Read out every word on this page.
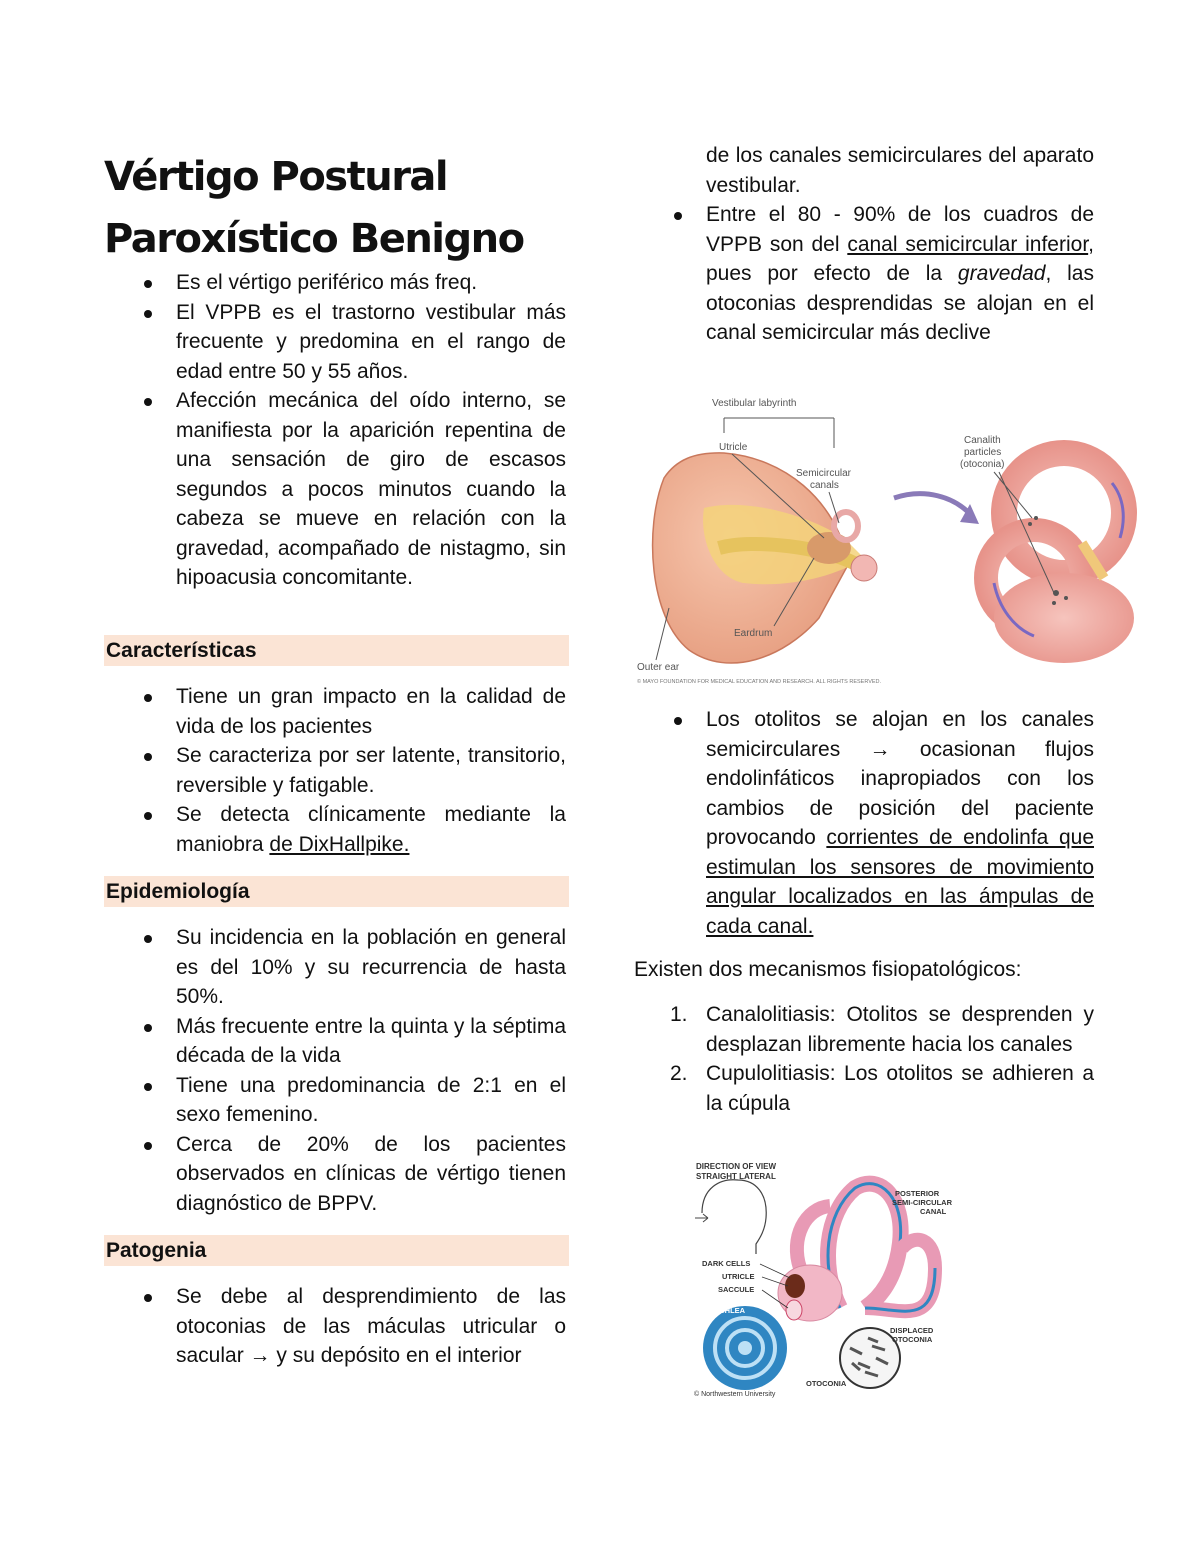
Vértigo Postural
Paroxístico Benigno
Es el vértigo periférico más freq.
El VPPB es el trastorno vestibular más frecuente y predomina en el rango de edad entre 50 y 55 años.
Afección mecánica del oído interno, se manifiesta por la aparición repentina de una sensación de giro de escasos segundos a pocos minutos cuando la cabeza se mueve en relación con la gravedad, acompañado de nistagmo, sin hipoacusia concomitante.
Características
Tiene un gran impacto en la calidad de vida de los pacientes
Se caracteriza por ser latente, transitorio, reversible y fatigable.
Se detecta clínicamente mediante la maniobra de DixHallpike.
Epidemiología
Su incidencia en la población en general es del 10% y su recurrencia de hasta 50%.
Más frecuente entre la quinta y la séptima década de la vida
Tiene una predominancia de 2:1 en el sexo femenino.
Cerca de 20% de los pacientes observados en clínicas de vértigo tienen diagnóstico de BPPV.
Patogenia
Se debe al desprendimiento de las otoconias de las máculas utricular o sacular → y su depósito en el interior
de los canales semicirculares del aparato vestibular.
Entre el 80 - 90% de los cuadros de VPPB son del canal semicircular inferior, pues por efecto de la gravedad, las otoconias desprendidas se alojan en el canal semicircular más declive
Vestibular labyrinth
Utricle
Semicircular
canals
Canalith
particles
(otoconia)
Eardrum
Outer ear
© MAYO FOUNDATION FOR MEDICAL EDUCATION AND RESEARCH. ALL RIGHTS RESERVED.
Los otolitos se alojan en los canales semicirculares → ocasionan flujos endolinfáticos inapropiados con los cambios de posición del paciente provocando corrientes de endolinfa que estimulan los sensores de movimiento angular localizados en las ámpulas de cada canal.

Existen dos mecanismos fisiopatológicos:

1. Canalolitiasis: Otolitos se desprenden y desplazan libremente hacia los canales
2. Cupulolitiasis: Los otolitos se adhieren a la cúpula
DIRECTION OF VIEW
STRAIGHT LATERAL
POSTERIOR
SEMI-CIRCULAR
CANAL
DARK CELLS
UTRICLE
SACCULE
COCHLEA
DISPLACED
OTOCONIA
OTOCONIA
© Northwestern University
